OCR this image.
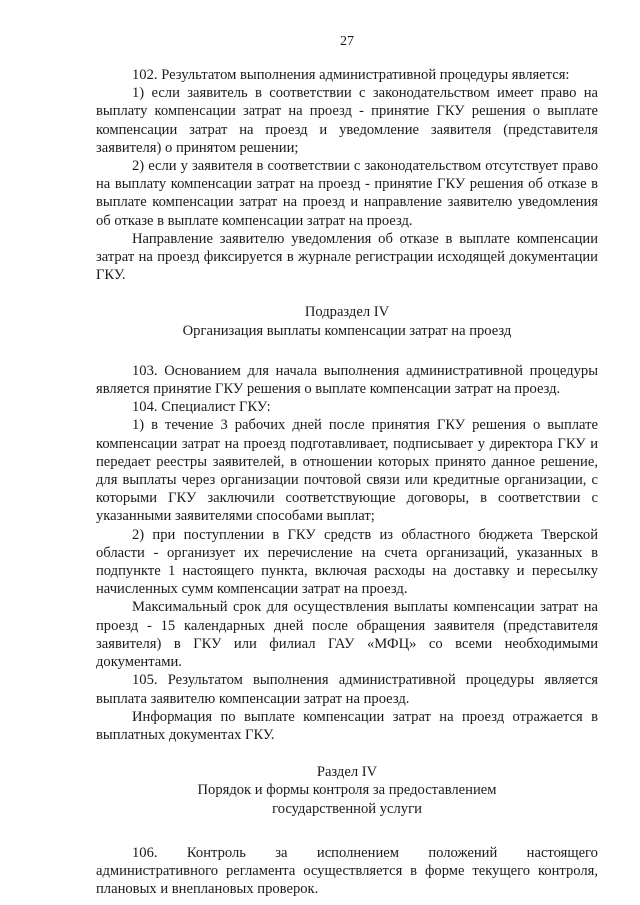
27

102. Результатом выполнения административной процедуры является:

1) если заявитель в соответствии с законодательством имеет право на выплату компенсации затрат на проезд - принятие ГКУ решения о выплате компенсации затрат на проезд и уведомление заявителя (представителя заявителя) о принятом решении;

2) если у заявителя в соответствии с законодательством отсутствует право на выплату компенсации затрат на проезд - принятие ГКУ решения об отказе в выплате компенсации затрат на проезд и направление заявителю уведомления об отказе в выплате компенсации затрат на проезд.

Направление заявителю уведомления об отказе в выплате компенсации затрат на проезд фиксируется в журнале регистрации исходящей документации ГКУ.

Подраздел IV

Организация выплаты компенсации затрат на проезд

103. Основанием для начала выполнения административной процедуры является принятие ГКУ решения о выплате компенсации затрат на проезд.

104. Специалист ГКУ:

1) в течение 3 рабочих дней после принятия ГКУ решения о выплате компенсации затрат на проезд подготавливает, подписывает у директора ГКУ и передает реестры заявителей, в отношении которых принято данное решение, для выплаты через организации почтовой связи или кредитные организации, с которыми ГКУ заключили соответствующие договоры, в соответствии с указанными заявителями способами выплат;

2) при поступлении в ГКУ средств из областного бюджета Тверской области - организует их перечисление на счета организаций, указанных в подпункте 1 настоящего пункта, включая расходы на доставку и пересылку начисленных сумм компенсации затрат на проезд.

Максимальный срок для осуществления выплаты компенсации затрат на проезд - 15 календарных дней после обращения заявителя (представителя заявителя) в ГКУ или филиал ГАУ «МФЦ» со всеми необходимыми документами.

105. Результатом выполнения административной процедуры является выплата заявителю компенсации затрат на проезд.

Информация по выплате компенсации затрат на проезд отражается в выплатных документах ГКУ.

Раздел IV

Порядок и формы контроля за предоставлением

государственной услуги

106. Контроль за исполнением положений настоящего

административного регламента осуществляется в форме текущего контроля, плановых и внеплановых проверок.
